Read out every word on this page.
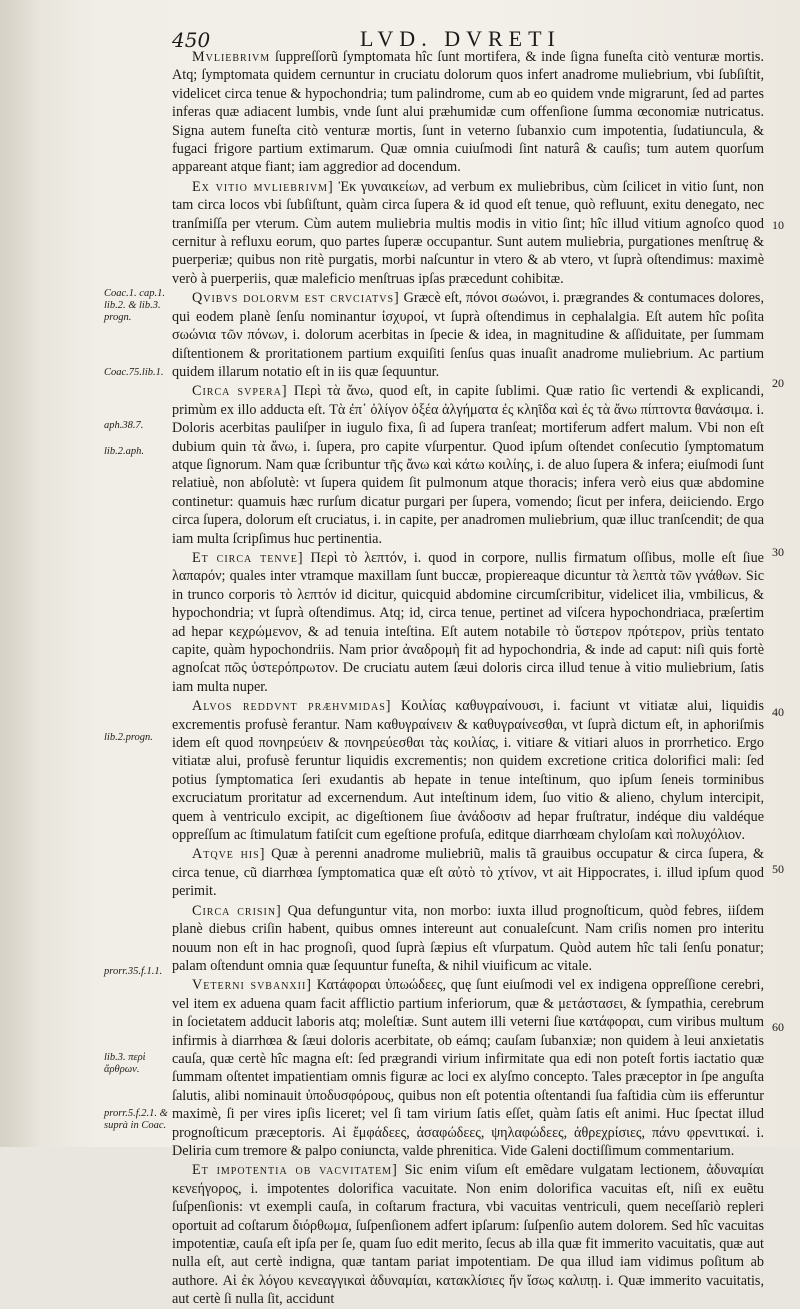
450	LVD. DVRETI
Coac.1. cap.1. lib.2. & lib.3. progn.
Coac.75.lib.1.
aph.38.7.
lib.2.aph.
lib.2.progn.
prorr.35.f.1.1.
lib.3. περὶ ἄρθρων.
prorr.5.f.2.1. & suprà in Coac.
10
20
30
40
50
60

Mvliebrivm ſuppreſſorũ ſymptomata hîc ſunt mortifera, & inde ſigna funeſta citò venturæ mortis. Atq; ſymptomata quidem cernuntur in cruciatu dolorum quos infert anadrome muliebrium, vbi ſubſiſtit, videlicet circa tenue & hypochondria; tum palindrome, cum ab eo quidem vnde migrarunt, ſed ad partes inferas quæ adiacent lumbis, vnde ſunt alui præhumidæ cum offenſione ſumma œconomiæ nutricatus. Signa autem funeſta citò venturæ mortis, ſunt in veterno ſubanxio cum impotentia, ſudatiuncula, & fugaci frigore partium extimarum. Quæ omnia cuiuſmodi ſint naturâ & cauſis; tum autem quorſum appareant atque fiant; iam aggredior ad docendum.

Ex vitio mvliebrivm] Ἐκ γυναικείων, ad verbum ex muliebribus, cùm ſcilicet in vitio ſunt, non tam circa locos vbi ſubſiſtunt, quàm circa ſupera & id quod eſt tenue, quò refluunt, exitu denegato, nec tranſmiſſa per vterum. Cùm autem muliebria multis modis in vitio ſint; hîc illud vitium agnoſco quod cernitur à refluxu eorum, quo partes ſuperæ occupantur. Sunt autem muliebria, purgationes menſtruę & puerperiæ; quibus non ritè purgatis, morbi naſcuntur in vtero & ab vtero, vt ſuprà oſtendimus: maximè verò à puerperiis, quæ maleficio menſtruas ipſas præcedunt cohibitæ.

Qvibvs dolorvm est crvciatvs] Græcè eſt, πόνοι σωώνοι, i. prægrandes & contumaces dolores, qui eodem planè ſenſu nominantur ἰσχυροί, vt ſuprà oſtendimus in cephalalgia. Eſt autem hîc poſita σωώνια τῶν πόνων, i. dolorum acerbitas in ſpecie & idea, in magnitudine & aſſiduitate, per ſummam diſtentionem & proritationem partium exquiſiti ſenſus quas inuaſit anadrome muliebrium. Ac partium quidem illarum notatio eſt in iis quæ ſequuntur.

Circa svpera] Περὶ τὰ ἄνω, quod eſt, in capite ſublimi. Quæ ratio ſic vertendi & explicandi, primùm ex illo adducta eſt. Τὰ ἐπ᾽ ὀλίγον ὀξέα ἀλγήματα ἐς κληῖδα καὶ ἐς τὰ ἄνω πίπτοντα θανάσιμα. i. Doloris acerbitas pauliſper in iugulo fixa, ſi ad ſupera tranſeat; mortiferum adfert malum. Vbi non eſt dubium quin τὰ ἄνω, i. ſupera, pro capite vſurpentur. Quod ipſum oſtendet conſecutio ſymptomatum atque ſignorum. Nam quæ ſcribuntur τῆς ἄνω καὶ κάτω κοιλίης, i. de aluo ſupera & infera; eiuſmodi ſunt relatiuè, non abſolutè: vt ſupera quidem ſit pulmonum atque thoracis; infera verò eius quæ abdomine continetur: quamuis hæc rurſum dicatur purgari per ſupera, vomendo; ſicut per infera, deiiciendo. Ergo circa ſupera, dolorum eſt cruciatus, i. in capite, per anadromen muliebrium, quæ illuc tranſcendit; de qua iam multa ſcripſimus huc pertinentia.

Et circa tenve] Περὶ τὸ λεπτόν, i. quod in corpore, nullis firmatum oſſibus, molle eſt ſiue λαπαρόν; quales inter vtramque maxillam ſunt buccæ, propiereaque dicuntur τὰ λεπτὰ τῶν γνάθων. Sic in trunco corporis τὸ λεπτόν id dicitur, quicquid abdomine circumſcribitur, videlicet ilia, vmbilicus, & hypochondria; vt ſuprà oſtendimus. Atq; id, circa tenue, pertinet ad viſcera hypochondriaca, præſertim ad hepar κεχρώμενον, & ad tenuia inteſtina. Eſt autem notabile τὸ ὕστερον πρότερον, priùs tentato capite, quàm hypochondriis. Nam prior ἀναδρομὴ fit ad hypochondria, & inde ad caput: niſi quis fortè agnoſcat πῶς ὑστερόπρωτον. De cruciatu autem ſæui doloris circa illud tenue à vitio muliebrium, ſatis iam multa nuper.

Alvos reddvnt præhvmidas] Κοιλίας καθυγραίνουσι, i. faciunt vt vitiatæ alui, liquidis excrementis profusè ferantur. Nam καθυγραίνειν & καθυγραίνεσθαι, vt ſuprà dictum eſt, in aphoriſmis idem eſt quod πονηρεύειν & πονηρεύεσθαι τὰς κοιλίας, i. vitiare & vitiari aluos in prorrhetico. Ergo vitiatæ alui, profusè feruntur liquidis excrementis; non quidem excretione critica dolorifici mali: ſed potius ſymptomatica ſeri exudantis ab hepate in tenue inteſtinum, quo ipſum ſeneis torminibus excruciatum proritatur ad excernendum. Aut inteſtinum idem, ſuo vitio & alieno, chylum intercipit, quem à ventriculo excipit, ac digeſtionem ſiue ἀνάδοσιν ad hepar fruſtratur, indéque diu valdéque oppreſſum ac ſtimulatum fatiſcit cum egeſtione profuſa, editque diarrhœam chyloſam καὶ πολυχόλιον.

Atqve his] Quæ à perenni anadrome muliebriũ, malis tã grauibus occupatur & circa ſupera, & circa tenue, cũ diarrhœa ſymptomatica quæ eſt αὐτὸ τὸ χτίνον, vt ait Hippocrates, i. illud ipſum quod perimit.

Circa crisin] Qua defunguntur vita, non morbo: iuxta illud prognoſticum, quòd febres, iiſdem planè diebus criſin habent, quibus omnes intereunt aut conualeſcunt. Nam criſis nomen pro interitu nouum non eſt in hac prognoſi, quod ſuprà ſæpius eſt vſurpatum. Quòd autem hîc tali ſenſu ponatur; palam oſtendunt omnia quæ ſequuntur funeſta, & nihil viuificum ac vitale.

Veterni svbanxii] Κατάφοραι ὑπωώδεες, quę ſunt eiuſmodi vel ex indigena oppreſſione cerebri, vel item ex aduena quam facit afflictio partium inferiorum, quæ & μετάστασει, & ſympathia, cerebrum in ſocietatem adducit laboris atq; moleſtiæ. Sunt autem illi veterni ſiue κατάφοραι, cum viribus multum infirmis à diarrhœa & ſæui doloris acerbitate, ob eámq; cauſam ſubanxiæ; non quidem à leui anxietatis cauſa, quæ certè hîc magna eſt: ſed prægrandi virium infirmitate qua edi non poteſt fortis iactatio quæ ſummam oſtentet impatientiam omnis figuræ ac loci ex alyſmo concepto. Tales præceptor in ſpe anguſta ſalutis, alibi nominauit ὑποδυσφόρους, quibus non eſt potentia oſtentandi ſua faſtidia cùm iis efferuntur maximè, ſi per vires ipſis liceret; vel ſi tam virium ſatis eſſet, quàm ſatis eſt animi. Huc ſpectat illud prognoſticum præceptoris. Αἱ ἔμφάδεες, ἀσαφώδεες, ψηλαφώδεες, ἀθρεχρίσιες, πάνυ φρενιτικαί. i. Deliria cum tremore & palpo coniuncta, valde phrenitica. Vide Galeni doctiſſimum commentarium.

Et impotentia ob vacvitatem] Sic enim viſum eſt emẽdare vulgatam lectionem, ἀδυναμίαι κενεήγορος, i. impotentes dolorifica vacuitate. Non enim dolorifica vacuitas eſt, niſi ex euẽtu ſuſpenſionis: vt exempli cauſa, in coſtarum fractura, vbi vacuitas ventriculi, quem neceſſariò repleri oportuit ad coſtarum διόρθωμα, ſuſpenſionem adfert ipſarum: ſuſpenſio autem dolorem. Sed hîc vacuitas impotentiæ, cauſa eſt ipſa per ſe, quam ſuo edit merito, ſecus ab illa quæ fit immerito vacuitatis, quæ aut nulla eſt, aut certè indigna, quæ tantam pariat impotentiam. De qua illud iam vidimus poſitum ab authore. Αἱ ἐκ λόγου κενεαγγικαὶ ἀδυναμίαι, κατακλίσιες ἥν ἴσως καλιπῃ. i. Quæ immerito vacuitatis, aut certè ſi nulla ſit, accidunt
